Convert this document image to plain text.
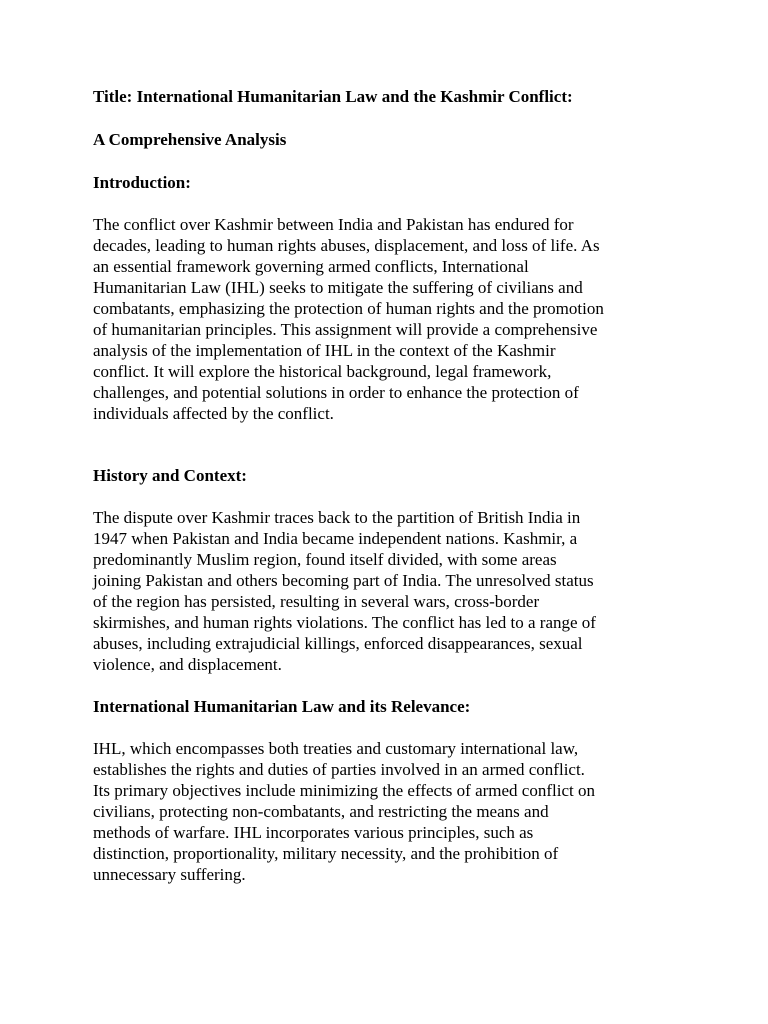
Title: International Humanitarian Law and the Kashmir Conflict:

A Comprehensive Analysis

Introduction:

The conflict over Kashmir between India and Pakistan has endured for
decades, leading to human rights abuses, displacement, and loss of life. As
an essential framework governing armed conflicts, International
Humanitarian Law (IHL) seeks to mitigate the suffering of civilians and
combatants, emphasizing the protection of human rights and the promotion
of humanitarian principles. This assignment will provide a comprehensive
analysis of the implementation of IHL in the context of the Kashmir
conflict. It will explore the historical background, legal framework,
challenges, and potential solutions in order to enhance the protection of
individuals affected by the conflict.

History and Context:

The dispute over Kashmir traces back to the partition of British India in
1947 when Pakistan and India became independent nations. Kashmir, a
predominantly Muslim region, found itself divided, with some areas
joining Pakistan and others becoming part of India. The unresolved status
of the region has persisted, resulting in several wars, cross-border
skirmishes, and human rights violations. The conflict has led to a range of
abuses, including extrajudicial killings, enforced disappearances, sexual
violence, and displacement.

International Humanitarian Law and its Relevance:

IHL, which encompasses both treaties and customary international law,
establishes the rights and duties of parties involved in an armed conflict.
Its primary objectives include minimizing the effects of armed conflict on
civilians, protecting non-combatants, and restricting the means and
methods of warfare. IHL incorporates various principles, such as
distinction, proportionality, military necessity, and the prohibition of
unnecessary suffering.
